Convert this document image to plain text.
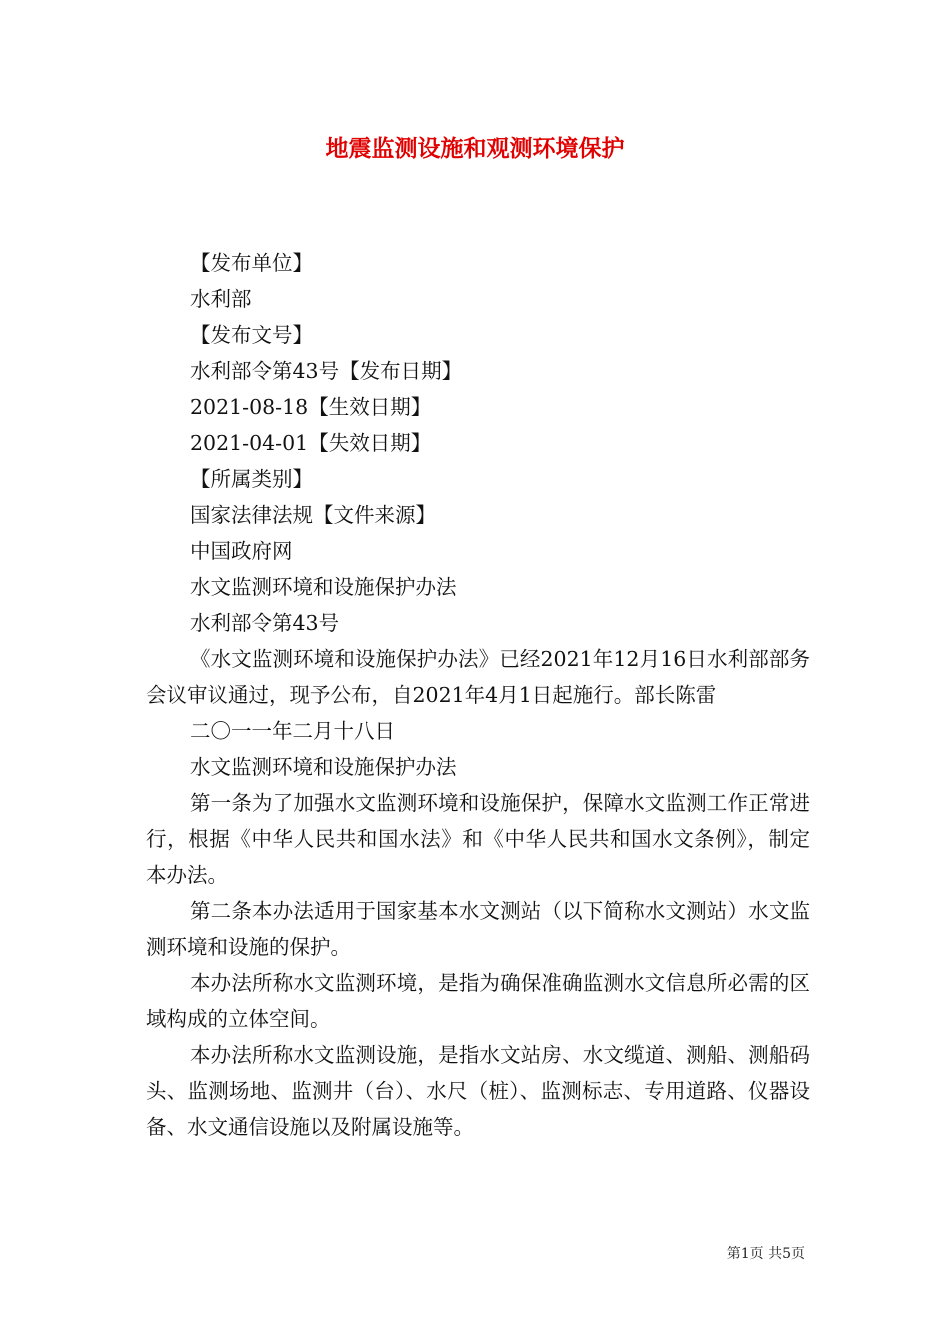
地震监测设施和观测环境保护

【发布单位】

水利部

【发布文号】

水利部令第43号【发布日期】

2021-08-18【生效日期】

2021-04-01【失效日期】

【所属类别】

国家法律法规【文件来源】

中国政府网

水文监测环境和设施保护办法

水利部令第43号

《水文监测环境和设施保护办法》已经2021年12月16日水利部部务会议审议通过，现予公布，自2021年4月1日起施行。部长陈雷

二〇一一年二月十八日

水文监测环境和设施保护办法

第一条为了加强水文监测环境和设施保护，保障水文监测工作正常进行，根据《中华人民共和国水法》和《中华人民共和国水文条例》，制定本办法。

第二条本办法适用于国家基本水文测站（以下简称水文测站）水文监测环境和设施的保护。

本办法所称水文监测环境，是指为确保准确监测水文信息所必需的区域构成的立体空间。

本办法所称水文监测设施，是指水文站房、水文缆道、测船、测船码头、监测场地、监测井（台）、水尺（桩）、监测标志、专用道路、仪器设备、水文通信设施以及附属设施等。

第1页 共5页
